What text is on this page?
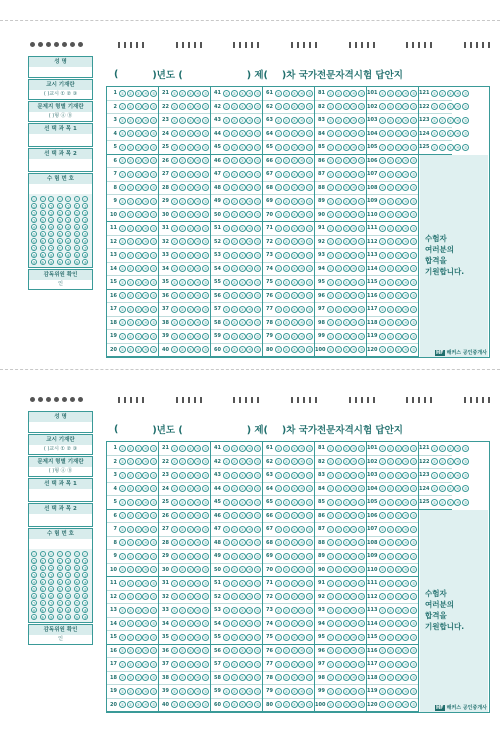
성 명
교시 기재란
( )교시 ① ② ③
문제지 형별 기재란
( )형 Ⓐ Ⓑ
선 택 과 목 1
선 택 과 목 2
수 험 번 호
⓪ ⓪ ⓪ ⓪ ⓪ ⓪ ⓪
①	①	①	①	①	①	①
②	②	②	②	②	②	②
③	③	③	③	③	③	③
④	④	④	④	④	④	④
⑤	⑤	⑤	⑤	⑤	⑤	⑤
⑥	⑥	⑥	⑥	⑥	⑥	⑥
⑦	⑦	⑦	⑦	⑦	⑦	⑦
⑧	⑧	⑧	⑧	⑧	⑧	⑧
⑨	⑨	⑨	⑨	⑨	⑨	⑨
감독위원 확인
인
(	)년도 (	) 제( )차 국가전문자격시험 답안지
1 ①	②	③	④	⑤
2 ①	②	③	④	⑤
3 ①	②	③	④	⑤
4 ①	②	③	④	⑤
5 ①	②	③	④	⑤
6 ①	②	③	④	⑤
7 ①	②	③	④	⑤
8 ①	②	③	④	⑤
9 ①	②	③	④	⑤
10 ①	②	③	④	⑤
11 ①	②	③	④	⑤
12 ①	②	③	④	⑤
13 ①	②	③	④	⑤
14 ①	②	③	④	⑤
15 ①	②	③	④	⑤
16 ①	②	③	④	⑤
17 ①	②	③	④	⑤
18 ①	②	③	④	⑤
19 ①	②	③	④	⑤
20 ①	②	③	④	⑤
21 ①	②	③	④	⑤
22 ①	②	③	④	⑤
23 ①	②	③	④	⑤
24 ①	②	③	④	⑤
25 ①	②	③	④	⑤
26 ①	②	③	④	⑤
27 ①	②	③	④	⑤
28 ①	②	③	④	⑤
29 ①	②	③	④	⑤
30 ①	②	③	④	⑤
31 ①	②	③	④	⑤
32 ①	②	③	④	⑤
33 ①	②	③	④	⑤
34 ①	②	③	④	⑤
35 ①	②	③	④	⑤
36 ①	②	③	④	⑤
37 ①	②	③	④	⑤
38 ①	②	③	④	⑤
39 ①	②	③	④	⑤
40 ①	②	③	④	⑤
41 ①	②	③	④	⑤
42 ①	②	③	④	⑤
43 ①	②	③	④	⑤
44 ①	②	③	④	⑤
45 ①	②	③	④	⑤
46 ①	②	③	④	⑤
47 ①	②	③	④	⑤
48 ①	②	③	④	⑤
49 ①	②	③	④	⑤
50 ①	②	③	④	⑤
51 ①	②	③	④	⑤
52 ①	②	③	④	⑤
53 ①	②	③	④	⑤
54 ①	②	③	④	⑤
55 ①	②	③	④	⑤
56 ①	②	③	④	⑤
57 ①	②	③	④	⑤
58 ①	②	③	④	⑤
59 ①	②	③	④	⑤
60 ①	②	③	④	⑤
61 ①	②	③	④	⑤
62 ①	②	③	④	⑤
63 ①	②	③	④	⑤
64 ①	②	③	④	⑤
65 ①	②	③	④	⑤
66 ①	②	③	④	⑤
67 ①	②	③	④	⑤
68 ①	②	③	④	⑤
69 ①	②	③	④	⑤
70 ①	②	③	④	⑤
71 ①	②	③	④	⑤
72 ①	②	③	④	⑤
73 ①	②	③	④	⑤
74 ①	②	③	④	⑤
75 ①	②	③	④	⑤
76 ①	②	③	④	⑤
77 ①	②	③	④	⑤
78 ①	②	③	④	⑤
79 ①	②	③	④	⑤
80 ①	②	③	④	⑤
81 ①	②	③	④	⑤
82 ①	②	③	④	⑤
83 ①	②	③	④	⑤
84 ①	②	③	④	⑤
85 ①	②	③	④	⑤
86 ①	②	③	④	⑤
87 ①	②	③	④	⑤
88 ①	②	③	④	⑤
89 ①	②	③	④	⑤
90 ①	②	③	④	⑤
91 ①	②	③	④	⑤
92 ①	②	③	④	⑤
93 ①	②	③	④	⑤
94 ①	②	③	④	⑤
95 ①	②	③	④	⑤
96 ①	②	③	④	⑤
97 ①	②	③	④	⑤
98 ①	②	③	④	⑤
99 ①	②	③	④	⑤
100 ①	②	③	④	⑤
101 ①	②	③	④	⑤
102 ①	②	③	④	⑤
103 ①	②	③	④	⑤
104 ①	②	③	④	⑤
105 ①	②	③	④	⑤
106 ①	②	③	④	⑤
107 ①	②	③	④	⑤
108 ①	②	③	④	⑤
109 ①	②	③	④	⑤
110 ①	②	③	④	⑤
111 ①	②	③	④	⑤
112 ①	②	③	④	⑤
113 ①	②	③	④	⑤
114 ①	②	③	④	⑤
115 ①	②	③	④	⑤
116 ①	②	③	④	⑤
117 ①	②	③	④	⑤
118 ①	②	③	④	⑤
119 ①	②	③	④	⑤
120 ①	②	③	④	⑤
121 ①	②	③	④	⑤
122 ①	②	③	④	⑤
123 ①	②	③	④	⑤
124 ①	②	③	④	⑤
125 ①	②	③	④	⑤
수험자
여러분의
합격을
기원합니다.
HF 해커스 공인중개사
성 명
교시 기재란
( )교시 ① ② ③
문제지 형별 기재란
( )형 Ⓐ Ⓑ
선 택 과 목 1
선 택 과 목 2
수 험 번 호
⓪ ⓪ ⓪ ⓪ ⓪ ⓪ ⓪
①	①	①	①	①	①	①
②	②	②	②	②	②	②
③	③	③	③	③	③	③
④	④	④	④	④	④	④
⑤	⑤	⑤	⑤	⑤	⑤	⑤
⑥	⑥	⑥	⑥	⑥	⑥	⑥
⑦	⑦	⑦	⑦	⑦	⑦	⑦
⑧	⑧	⑧	⑧	⑧	⑧	⑧
⑨	⑨	⑨	⑨	⑨	⑨	⑨
감독위원 확인
인
(	)년도 (	) 제( )차 국가전문자격시험 답안지
1 ①	②	③	④	⑤
2 ①	②	③	④	⑤
3 ①	②	③	④	⑤
4 ①	②	③	④	⑤
5 ①	②	③	④	⑤
6 ①	②	③	④	⑤
7 ①	②	③	④	⑤
8 ①	②	③	④	⑤
9 ①	②	③	④	⑤
10 ①	②	③	④	⑤
11 ①	②	③	④	⑤
12 ①	②	③	④	⑤
13 ①	②	③	④	⑤
14 ①	②	③	④	⑤
15 ①	②	③	④	⑤
16 ①	②	③	④	⑤
17 ①	②	③	④	⑤
18 ①	②	③	④	⑤
19 ①	②	③	④	⑤
20 ①	②	③	④	⑤
21 ①	②	③	④	⑤
22 ①	②	③	④	⑤
23 ①	②	③	④	⑤
24 ①	②	③	④	⑤
25 ①	②	③	④	⑤
26 ①	②	③	④	⑤
27 ①	②	③	④	⑤
28 ①	②	③	④	⑤
29 ①	②	③	④	⑤
30 ①	②	③	④	⑤
31 ①	②	③	④	⑤
32 ①	②	③	④	⑤
33 ①	②	③	④	⑤
34 ①	②	③	④	⑤
35 ①	②	③	④	⑤
36 ①	②	③	④	⑤
37 ①	②	③	④	⑤
38 ①	②	③	④	⑤
39 ①	②	③	④	⑤
40 ①	②	③	④	⑤
41 ①	②	③	④	⑤
42 ①	②	③	④	⑤
43 ①	②	③	④	⑤
44 ①	②	③	④	⑤
45 ①	②	③	④	⑤
46 ①	②	③	④	⑤
47 ①	②	③	④	⑤
48 ①	②	③	④	⑤
49 ①	②	③	④	⑤
50 ①	②	③	④	⑤
51 ①	②	③	④	⑤
52 ①	②	③	④	⑤
53 ①	②	③	④	⑤
54 ①	②	③	④	⑤
55 ①	②	③	④	⑤
56 ①	②	③	④	⑤
57 ①	②	③	④	⑤
58 ①	②	③	④	⑤
59 ①	②	③	④	⑤
60 ①	②	③	④	⑤
61 ①	②	③	④	⑤
62 ①	②	③	④	⑤
63 ①	②	③	④	⑤
64 ①	②	③	④	⑤
65 ①	②	③	④	⑤
66 ①	②	③	④	⑤
67 ①	②	③	④	⑤
68 ①	②	③	④	⑤
69 ①	②	③	④	⑤
70 ①	②	③	④	⑤
71 ①	②	③	④	⑤
72 ①	②	③	④	⑤
73 ①	②	③	④	⑤
74 ①	②	③	④	⑤
75 ①	②	③	④	⑤
76 ①	②	③	④	⑤
77 ①	②	③	④	⑤
78 ①	②	③	④	⑤
79 ①	②	③	④	⑤
80 ①	②	③	④	⑤
81 ①	②	③	④	⑤
82 ①	②	③	④	⑤
83 ①	②	③	④	⑤
84 ①	②	③	④	⑤
85 ①	②	③	④	⑤
86 ①	②	③	④	⑤
87 ①	②	③	④	⑤
88 ①	②	③	④	⑤
89 ①	②	③	④	⑤
90 ①	②	③	④	⑤
91 ①	②	③	④	⑤
92 ①	②	③	④	⑤
93 ①	②	③	④	⑤
94 ①	②	③	④	⑤
95 ①	②	③	④	⑤
96 ①	②	③	④	⑤
97 ①	②	③	④	⑤
98 ①	②	③	④	⑤
99 ①	②	③	④	⑤
100 ①	②	③	④	⑤
101 ①	②	③	④	⑤
102 ①	②	③	④	⑤
103 ①	②	③	④	⑤
104 ①	②	③	④	⑤
105 ①	②	③	④	⑤
106 ①	②	③	④	⑤
107 ①	②	③	④	⑤
108 ①	②	③	④	⑤
109 ①	②	③	④	⑤
110 ①	②	③	④	⑤
111 ①	②	③	④	⑤
112 ①	②	③	④	⑤
113 ①	②	③	④	⑤
114 ①	②	③	④	⑤
115 ①	②	③	④	⑤
116 ①	②	③	④	⑤
117 ①	②	③	④	⑤
118 ①	②	③	④	⑤
119 ①	②	③	④	⑤
120 ①	②	③	④	⑤
121 ①	②	③	④	⑤
122 ①	②	③	④	⑤
123 ①	②	③	④	⑤
124 ①	②	③	④	⑤
125 ①	②	③	④	⑤
수험자
여러분의
합격을
기원합니다.
HF 해커스 공인중개사
